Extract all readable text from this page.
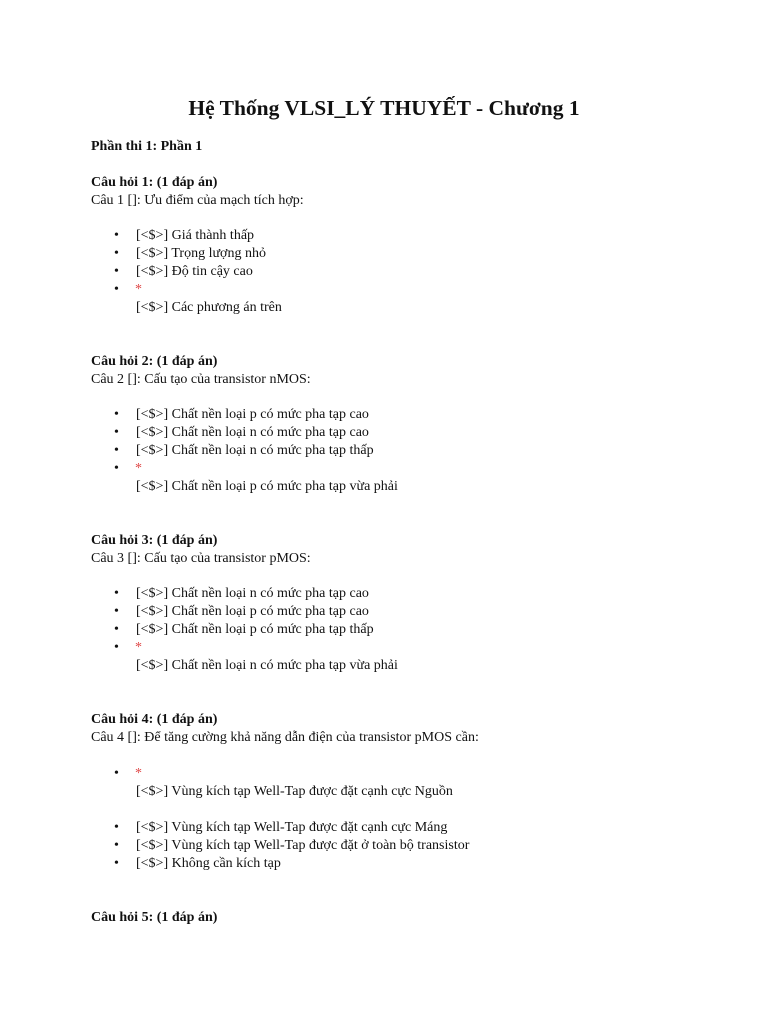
Hệ Thống VLSI_LÝ THUYẾT - Chương 1
Phần thi 1: Phần 1
Câu hỏi 1: (1 đáp án)
Câu 1 []: Ưu điểm của mạch tích hợp:
•	[<$>] Giá thành thấp
•	[<$>] Trọng lượng nhỏ
•	[<$>] Độ tin cậy cao
•	*
[<$>] Các phương án trên
Câu hỏi 2: (1 đáp án)
Câu 2 []: Cấu tạo của transistor nMOS:
•	[<$>] Chất nền loại p có mức pha tạp cao
•	[<$>] Chất nền loại n có mức pha tạp cao
•	[<$>] Chất nền loại n có mức pha tạp thấp
•	*
[<$>] Chất nền loại p có mức pha tạp vừa phải
Câu hỏi 3: (1 đáp án)
Câu 3 []: Cấu tạo của transistor pMOS:
•	[<$>] Chất nền loại n có mức pha tạp cao
•	[<$>] Chất nền loại p có mức pha tạp cao
•	[<$>] Chất nền loại p có mức pha tạp thấp
•	*
[<$>] Chất nền loại n có mức pha tạp vừa phải
Câu hỏi 4: (1 đáp án)
Câu 4 []: Để tăng cường khả năng dẫn điện của transistor pMOS cần:
•	*
[<$>] Vùng kích tạp Well-Tap được đặt cạnh cực Nguồn
•	[<$>] Vùng kích tạp Well-Tap được đặt cạnh cực Máng
•	[<$>] Vùng kích tạp Well-Tap được đặt ở toàn bộ transistor
•	[<$>] Không cần kích tạp
Câu hỏi 5: (1 đáp án)
